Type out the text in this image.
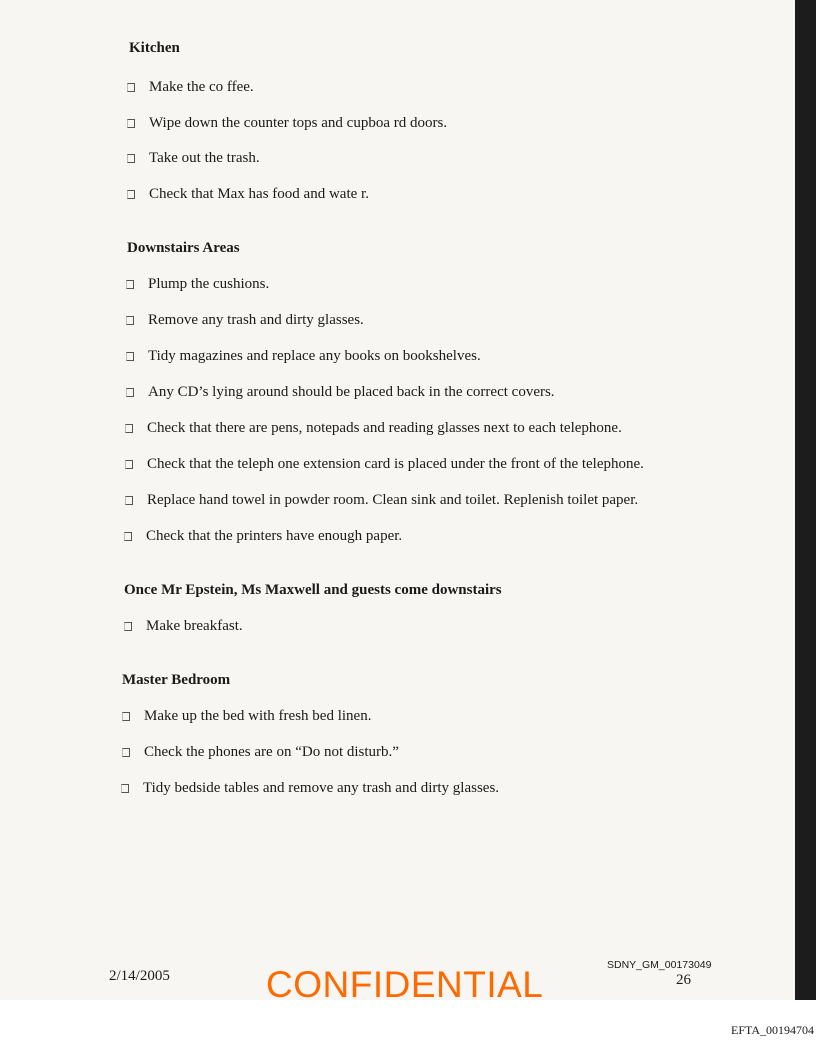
Kitchen
Make the co ffee.
Wipe down the counter tops and cupboa rd doors.
Take out the trash.
Check that Max has food and wate r.
Downstairs Areas
Plump the cushions.
Remove any trash and dirty glasses.
Tidy magazines and replace any books on bookshelves.
Any CD’s lying around should be placed back in the correct covers.
Check that there are pens, notepads and reading glasses next to each telephone.
Check that the teleph one extension card is placed under the front of the telephone.
Replace hand towel in powder room. Clean sink and toilet. Replenish toilet paper.
Check that the printers have enough paper.
Once Mr Epstein, Ms Maxwell and guests come downstairs
Make breakfast.
Master Bedroom
Make up the bed with fresh bed linen.
Check the phones are on “Do not disturb.”
Tidy bedside tables and remove any trash and dirty glasses.
2/14/2005	CONFIDENTIAL	SDNY_GM_00173049
26
EFTA_00194704
